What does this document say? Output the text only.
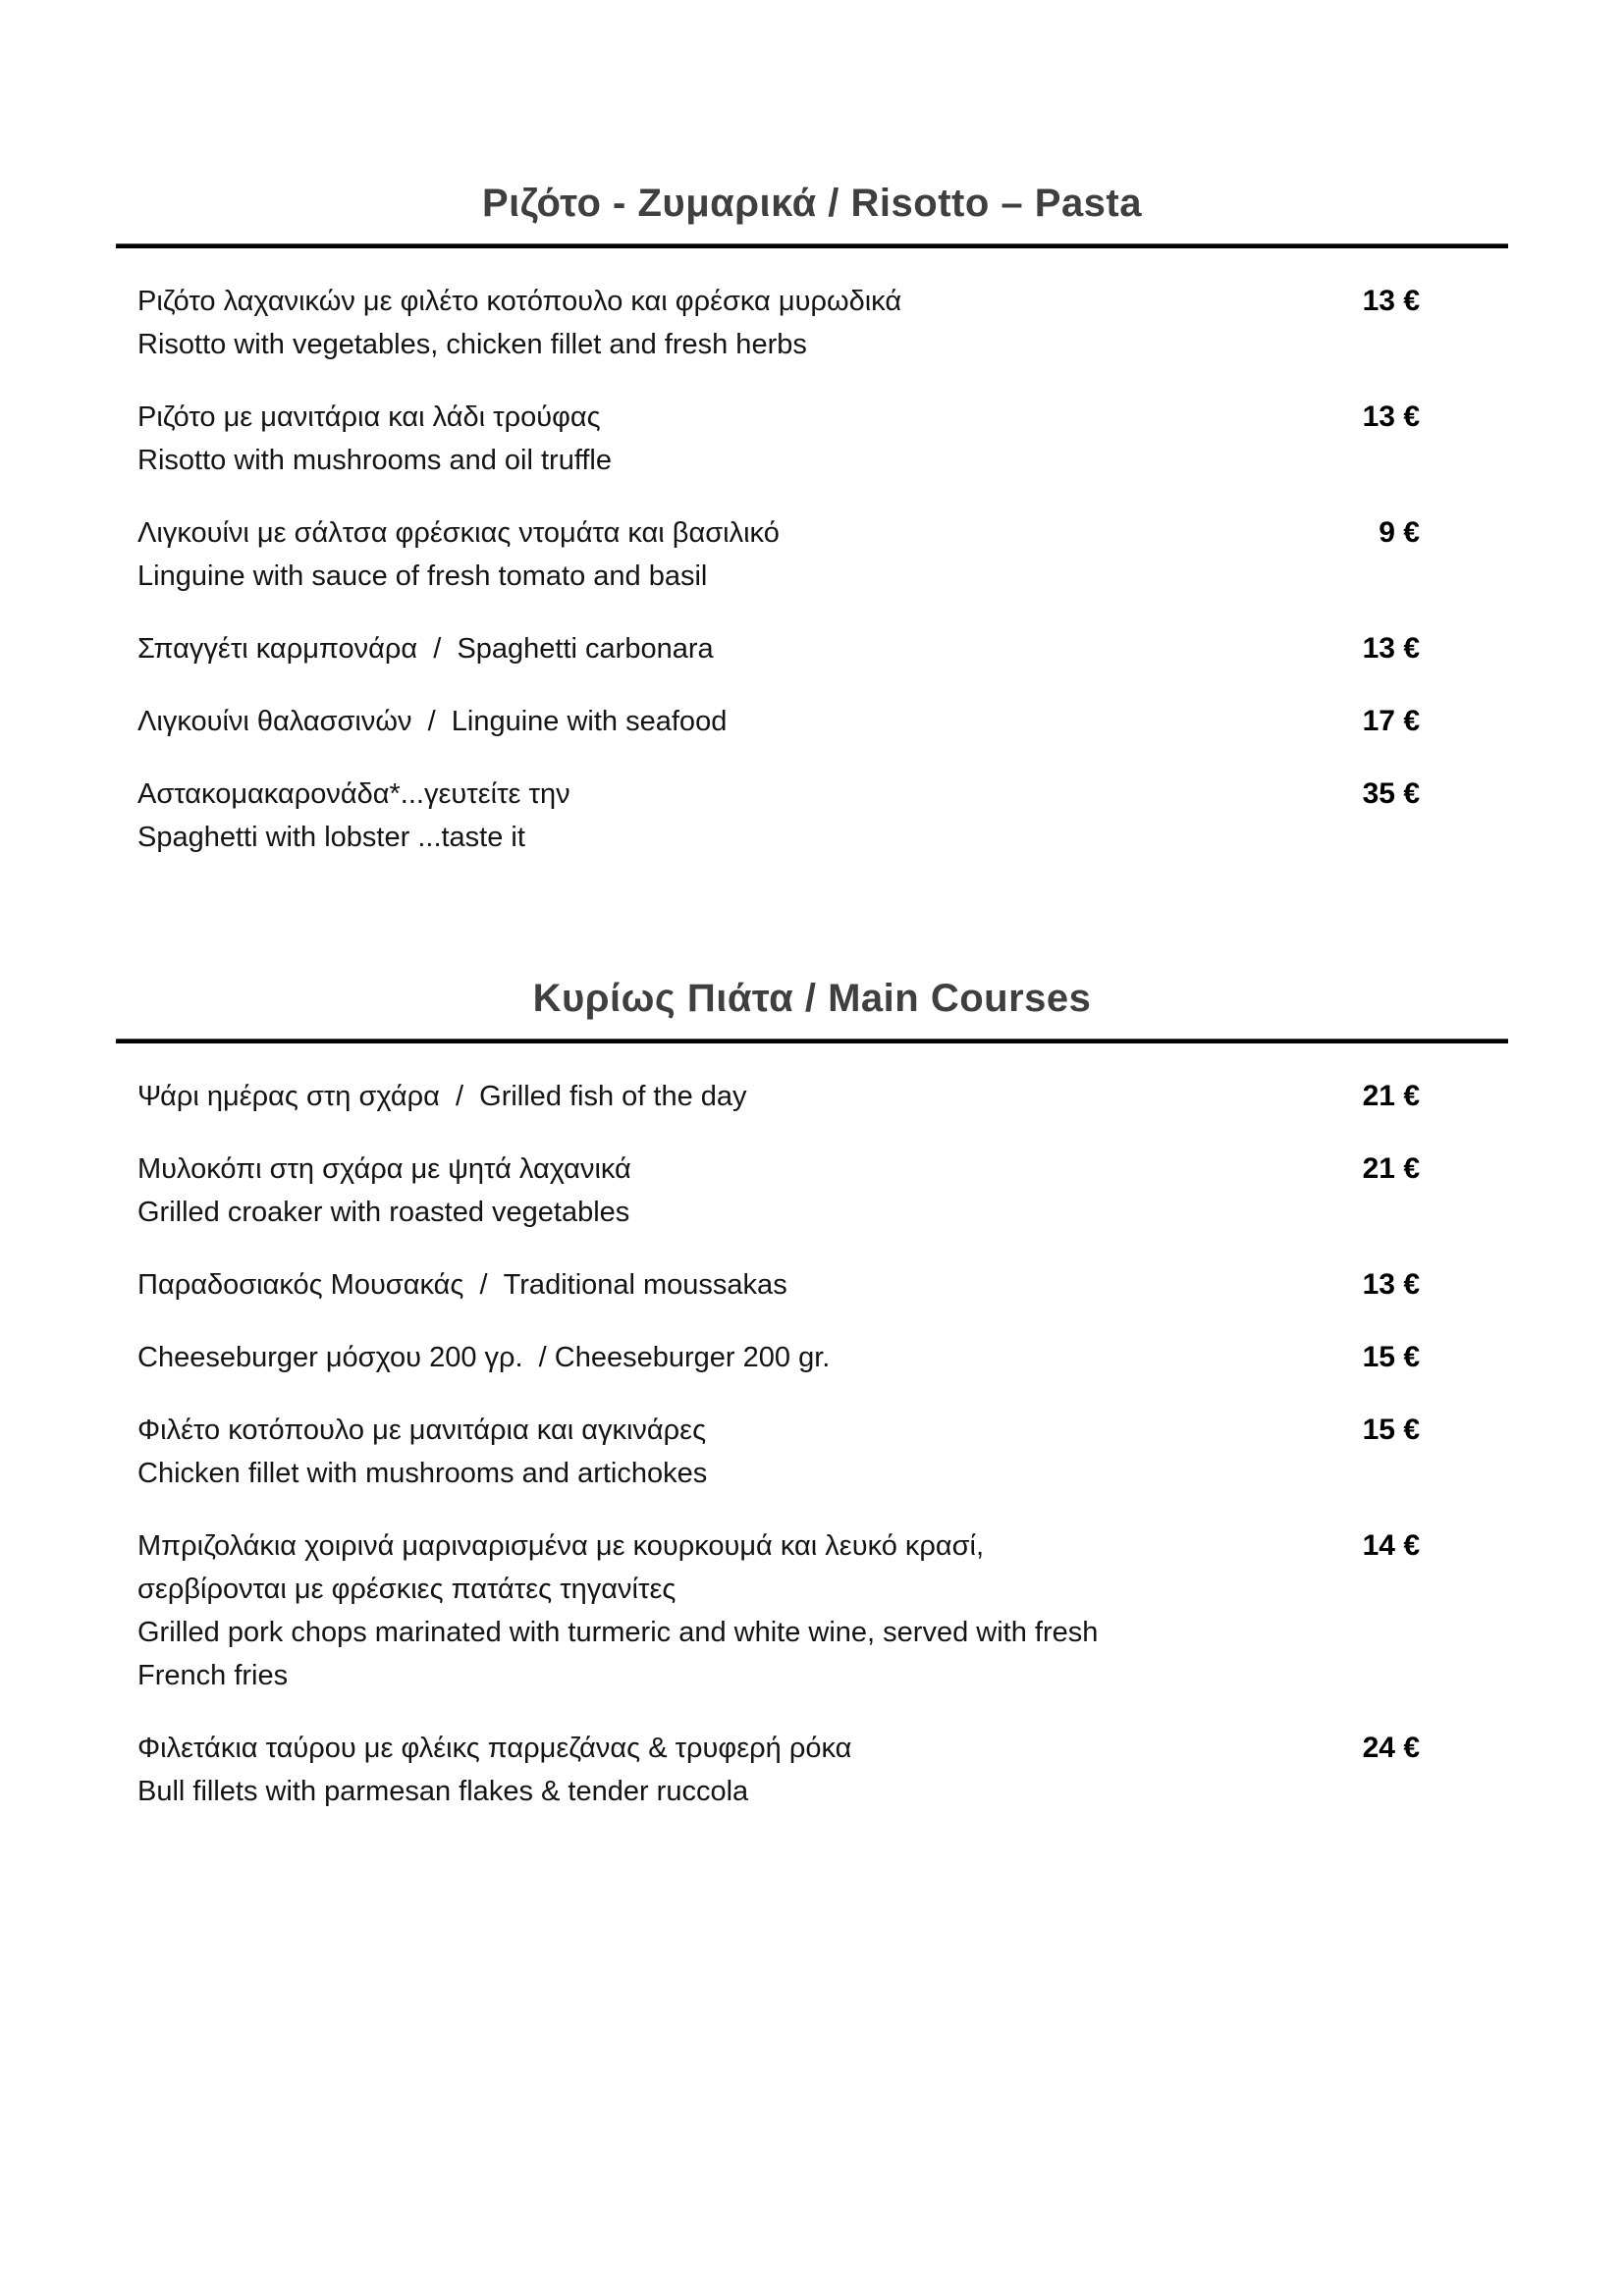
Ριζότο - Ζυμαρικά / Risotto – Pasta
Ριζότο λαχανικών με φιλέτο κοτόπουλο και φρέσκα μυρωδικά
Risotto with vegetables, chicken fillet and fresh herbs
13 €
Ριζότο με μανιτάρια και λάδι τρούφας
Risotto with mushrooms and oil truffle
13 €
Λιγκουίνι με σάλτσα φρέσκιας ντομάτα και βασιλικό
Linguine with sauce of fresh tomato and basil
9 €
Σπαγγέτι καρμπονάρα  /  Spaghetti carbonara	13 €
Λιγκουίνι θαλασσινών  /  Linguine with seafood	17 €
Αστακομακαρονάδα*...γευτείτε την
Spaghetti with lobster ...taste it
35 €
Κυρίως Πιάτα / Main Courses
Ψάρι ημέρας στη σχάρα  /  Grilled fish of the day	21 €
Μυλοκόπι στη σχάρα με ψητά λαχανικά
Grilled croaker with roasted vegetables
21 €
Παραδοσιακός Μουσακάς  /  Traditional moussakas	13 €
Cheeseburger μόσχου 200 γρ.  / Cheeseburger 200 gr.	15 €
Φιλέτο κοτόπουλο με μανιτάρια και αγκινάρες
Chicken fillet with mushrooms and artichokes
15 €
Μπριζολάκια χοιρινά μαριναρισμένα με κουρκουμά και λευκό κρασί,
σερβίρονται με φρέσκιες πατάτες τηγανίτες
Grilled pork chops marinated with turmeric and white wine, served with fresh
French fries
14 €
Φιλετάκια ταύρου με φλέικς παρμεζάνας & τρυφερή ρόκα
Bull fillets with parmesan flakes & tender ruccola
24 €
